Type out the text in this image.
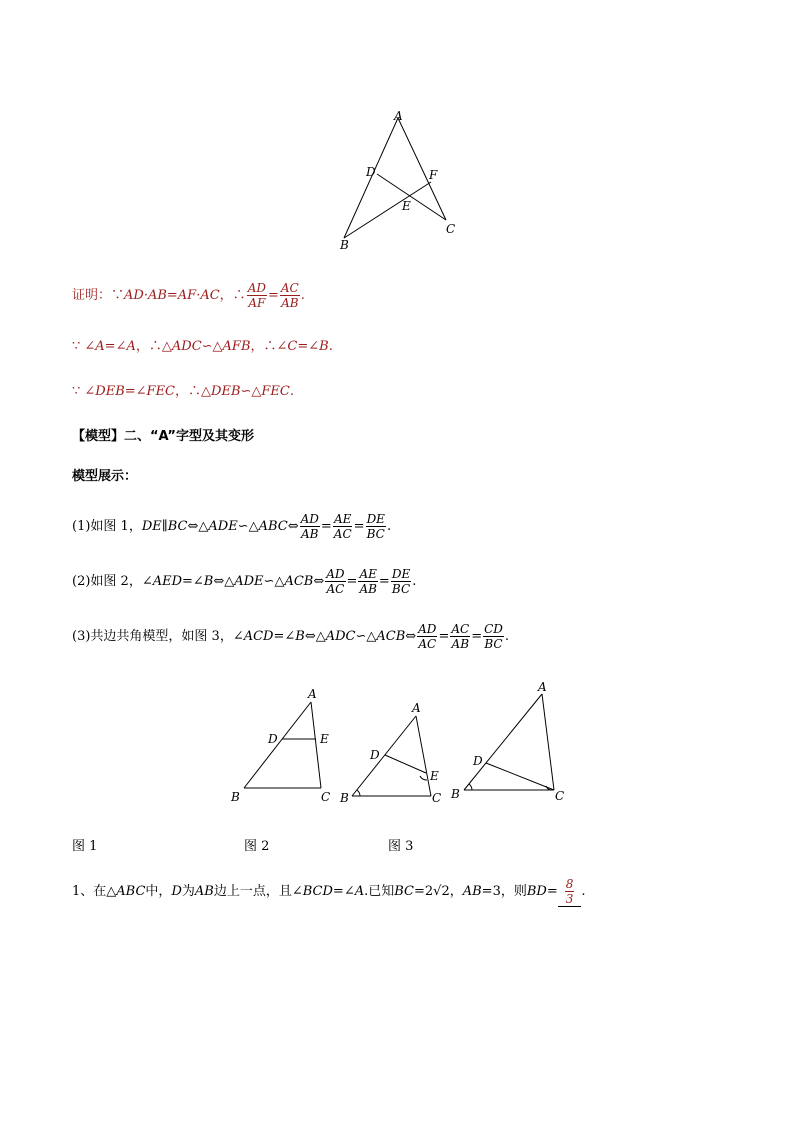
A
D	F
E
B
C
证明：∵AD·AB=AF·AC，∴ $\frac{AD}{AF} = \frac{AC}{AB}$ .
∵ ∠A=∠A，∴△ADC∽△AFB，∴∠C=∠B.
∵ ∠DEB=∠FEC，∴△DEB∽△FEC.
【模型】二、“A”字型及其变形
模型展示：
(1)如图 1，DE∥BC⇔△ADE∽△ABC⇔ $\frac{AD}{AB} = \frac{AE}{AC} = \frac{DE}{BC}$ .
(2)如图 2，∠AED=∠B⇔△ADE∽△ACB⇔ $\frac{AD}{AC} = \frac{AE}{AB} = \frac{DE}{BC}$ .
(3)共边共角模型，如图 3，∠ACD=∠B⇔△ADC∽△ACB⇔ $\frac{AD}{AC} = \frac{AC}{AB} = \frac{CD}{BC}$ .
A
D	E
B	C
A
D
E
B	C
A
D
B	C
图 1	图 2	图 3
1、在△ABC中，D为AB边上一点，且∠BCD=∠A.已知BC=2√2，AB=3，则$BD= \frac{8}{3}$ .
